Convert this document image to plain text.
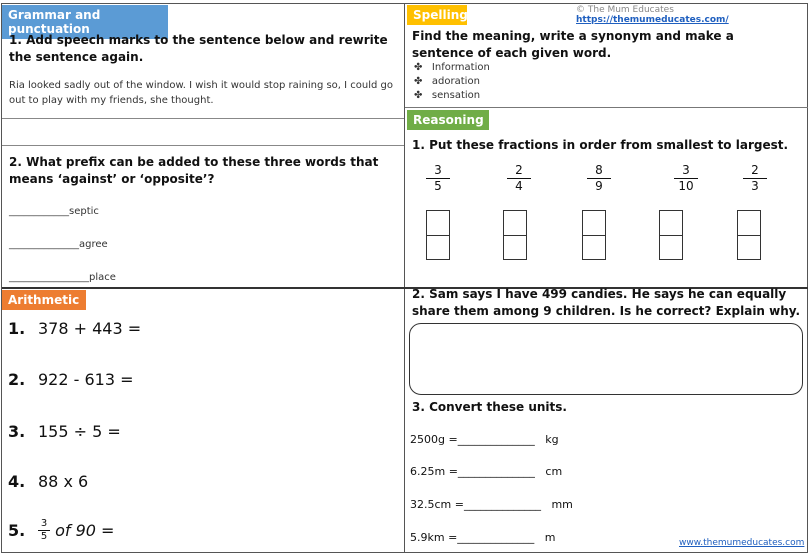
Grammar and punctuation
1. Add speech marks to the sentence below and rewrite the sentence again.
Ria looked sadly out of the window. I wish it would stop raining so, I could go out to play with my friends, she thought.
2. What prefix can be added to these three words that means ‘against’ or ‘opposite’?
____________septic
______________agree
________________place
Arithmetic
1. 378 + 443 =
2. 922 - 613 =
3. 155 ÷ 5 =
4. 88 x 6
5.	$\frac{3}{5}$
of 90 =
Spelling	© The Mum Educates https://themumeducates.com/
Find the meaning, write a synonym and make a sentence of each given word.
✤   Information
✤   adoration
✤   sensation
Reasoning
1. Put these fractions in order from smallest to largest.
$\frac{3}{5}$	$\frac{2}{4}$	$\frac{8}{9}$	$\frac{3}{10}$	$\frac{2}{3}$
2. Sam says I have 499 candies. He says he can equally share them among 9 children. Is he correct? Explain why.
3. Convert these units.
2500g =______________   kg
6.25m =______________   cm
32.5cm =______________   mm
5.9km =______________   m	www.themumeducates.com
